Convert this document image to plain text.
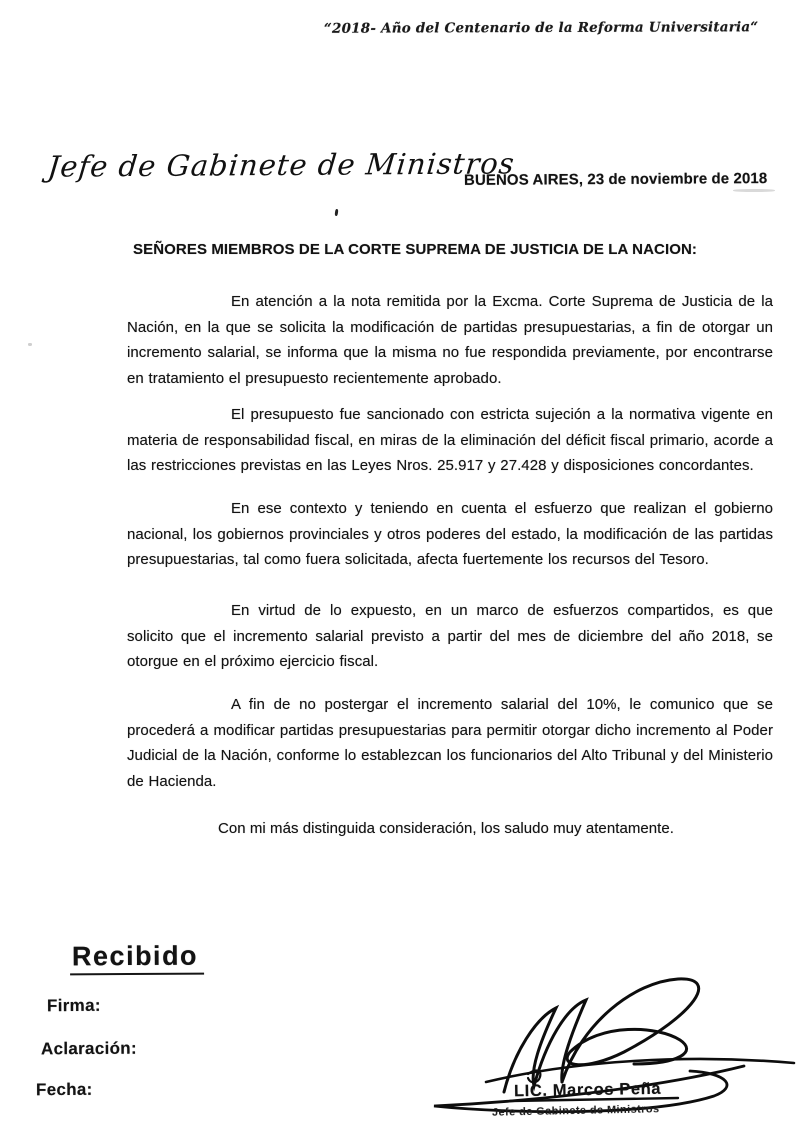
“2018- Año del Centenario de la Reforma Universitaria“
Jefe de Gabinete de Ministros
BUENOS AIRES, 23 de noviembre de 2018
SEÑORES MIEMBROS DE LA CORTE SUPREMA DE JUSTICIA DE LA NACION:

En atención a la nota remitida por la Excma. Corte Suprema de Justicia de la Nación, en la que se solicita la modificación de partidas presupuestarias, a fin de otorgar un incremento salarial, se informa que la misma no fue respondida previamente, por encontrarse en tratamiento el presupuesto recientemente aprobado.

El presupuesto fue sancionado con estricta sujeción a la normativa vigente en materia de responsabilidad fiscal, en miras de la eliminación del déficit fiscal primario, acorde a las restricciones previstas en las Leyes Nros. 25.917 y 27.428 y disposiciones concordantes.

En ese contexto y teniendo en cuenta el esfuerzo que realizan el gobierno nacional, los gobiernos provinciales y otros poderes del estado, la modificación de las partidas presupuestarias, tal como fuera solicitada, afecta fuertemente los recursos del Tesoro.

En virtud de lo expuesto, en un marco de esfuerzos compartidos, es que solicito que el incremento salarial previsto a partir del mes de diciembre del año 2018, se otorgue en el próximo ejercicio fiscal.

A fin de no postergar el incremento salarial del 10%, le comunico que se procederá a modificar partidas presupuestarias para permitir otorgar dicho incremento al Poder Judicial de la Nación, conforme lo establezcan los funcionarios del Alto Tribunal y del Ministerio de Hacienda.

Con mi más distinguida consideración, los saludo muy atentamente.

Recibido
Firma:
Aclaración:
Fecha:	LIC. Marcos Peña
Jefe de Gabinete de Ministros
